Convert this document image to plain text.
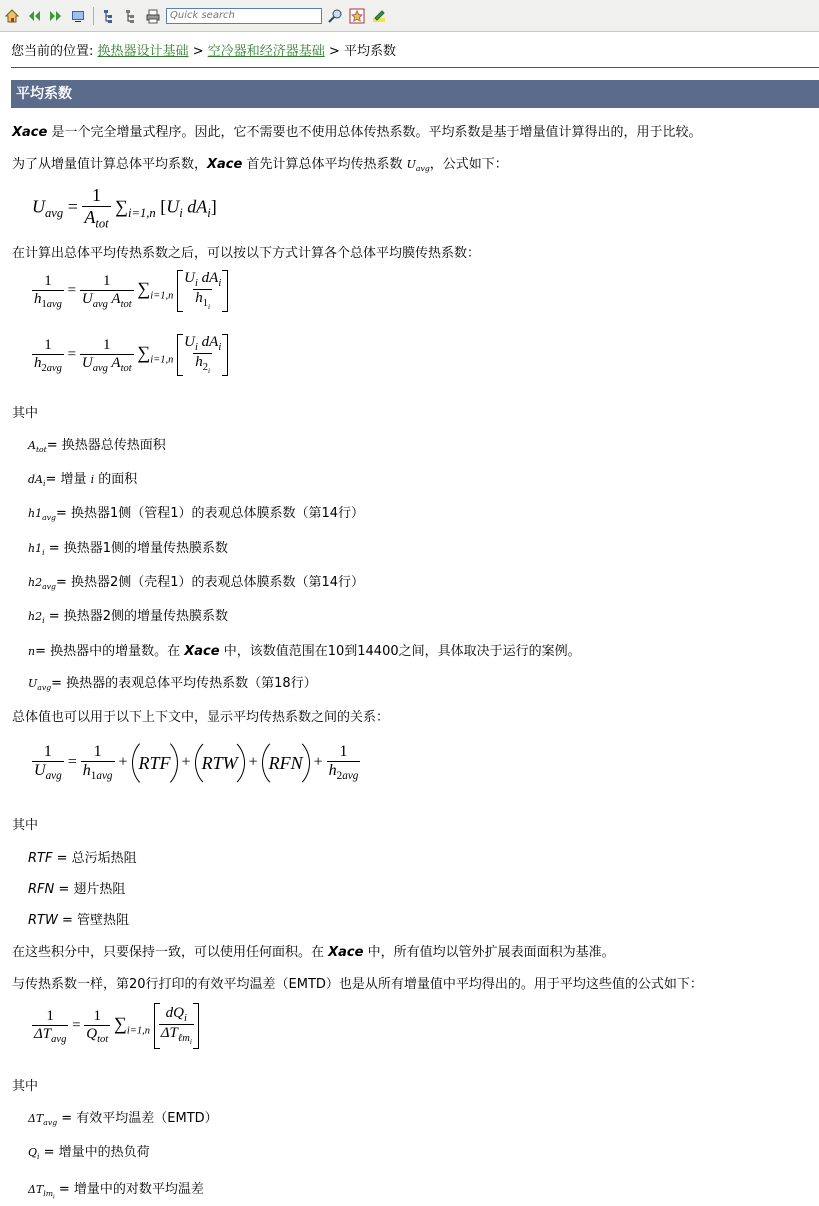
Quick search
您当前的位置: 换热器设计基础 > 空冷器和经济器基础 > 平均系数
平均系数
Xace 是一个完全增量式程序。因此，它不需要也不使用总体传热系数。平均系数是基于增量值计算得出的，用于比较。
为了从增量值计算总体平均系数，Xace 首先计算总体平均传热系数 $U_{avg}$，公式如下：
$U_{avg} = \frac{1}{A_{tot}} \sum_{i=1,n}$ [$U_i$ $dA_i$]
在计算出总体平均传热系数之后，可以按以下方式计算各个总体平均膜传热系数：
$\frac{1}{h_{1avg}} = \frac{1}{U_{avg} A_{tot}} \sum_{i=1,n} \frac{U_i dA_i}{h_{1_i}}$
$\frac{1}{h_{2avg}} = \frac{1}{U_{avg} A_{tot}} \sum_{i=1,n} \frac{U_i dA_i}{h_{2_i}}$
其中
$A_{tot}=$ 换热器总传热面积
$dA_i=$ 增量 i 的面积
$h1_{avg}=$ 换热器1侧（管程1）的表观总体膜系数（第14行）
$h1_i$ = 换热器1侧的增量传热膜系数
$h2_{avg}=$ 换热器2侧（壳程1）的表观总体膜系数（第14行）
$h2_i$ = 换热器2侧的增量传热膜系数
n= 换热器中的增量数。在 Xace 中，该数值范围在10到14400之间，具体取决于运行的案例。
$U_{avg}=$ 换热器的表观总体平均传热系数（第18行）
总体值也可以用于以下上下文中，显示平均传热系数之间的关系：
$\frac{1}{U_{avg}} = \frac{1}{h_{1avg}}$ + RTF + RTW + RFN + $\frac{1}{h_{2avg}}$
其中
RTF = 总污垢热阻
RFN = 翅片热阻
RTW = 管壁热阻
在这些积分中，只要保持一致，可以使用任何面积。在 Xace 中，所有值均以管外扩展表面面积为基准。
与传热系数一样，第20行打印的有效平均温差（EMTD）也是从所有增量值中平均得出的。用于平均这些值的公式如下：
$\frac{1}{\Delta T_{avg}} = \frac{1}{Q_{tot}} \sum_{i=1,n} \frac{dQ_i}{\Delta T_{\ell m_i}}$
其中
$\Delta T_{avg}$ = 有效平均温差（EMTD）
$Q_i$ = 增量中的热负荷
$\Delta T_{lm_i}$ = 增量中的对数平均温差
